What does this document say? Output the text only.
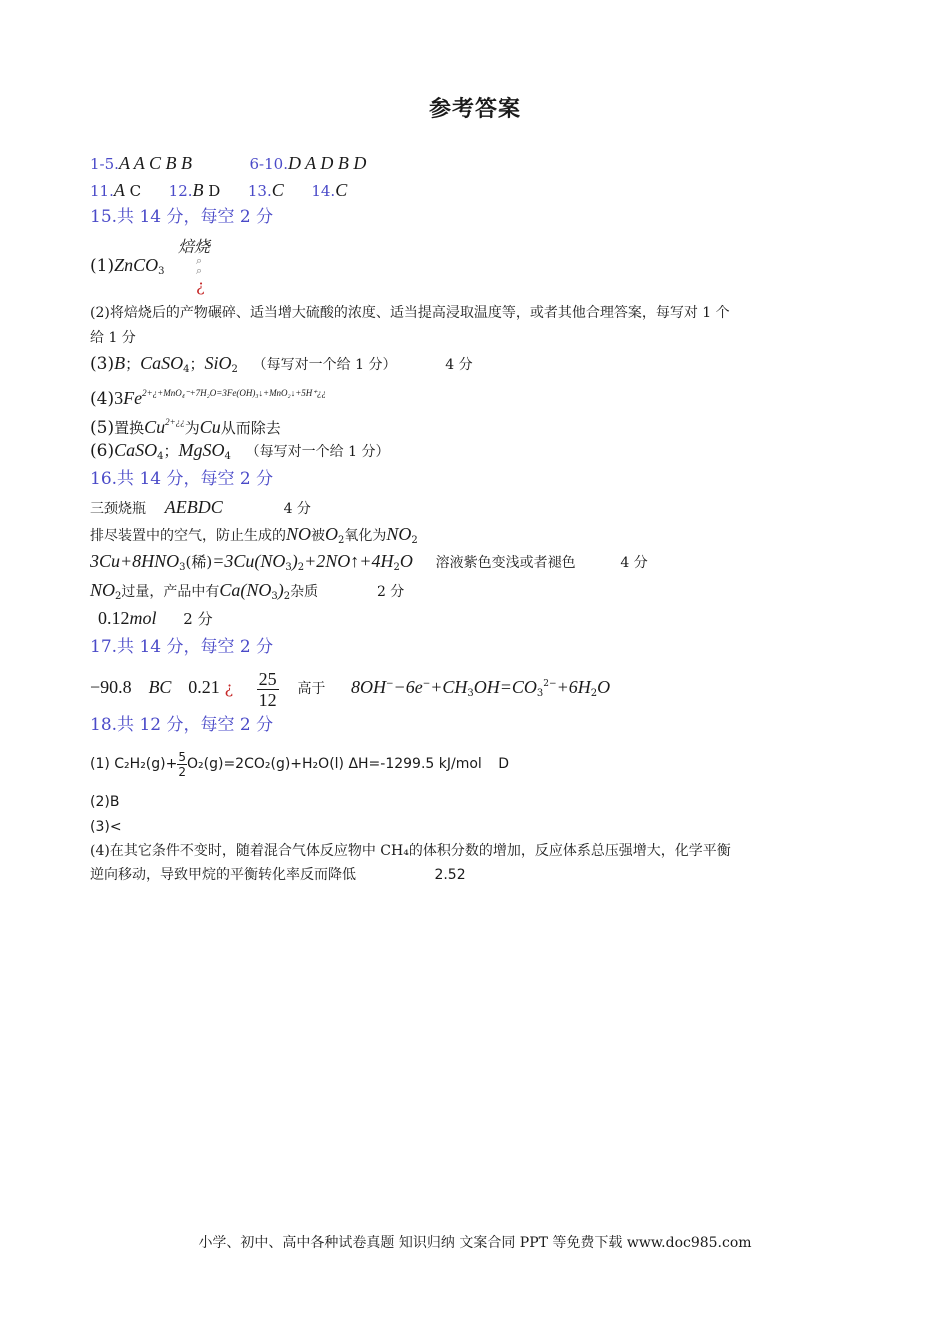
参考答案
1-5.A A C B B	6-10.D A D B D
11.A C 12.B D 13.C 14.C
15.共 14 分，每空 2 分
焙烧
⌕
⌕
¿
(1)ZnCO$_3$
(2)将焙烧后的产物碾碎、适当增大硫酸的浓度、适当提高浸取温度等，或者其他合理答案，每写对 1 个
给 1 分
(3)B；CaSO$_4$；SiO$_2$ （每写对一个给 1 分）	4 分
$(4)3Fe^{2+¿+MnO_4^-+7H_2O=3Fe(OH)_3↓+MnO_2↓+5H^+¿¿}$
(5)置换$Cu^{2+¿¿}$为Cu从而除去
(6)CaSO$_4$；MgSO$_4$ （每写对一个给 1 分）
16.共 14 分，每空 2 分
三颈烧瓶 AEBDC	4 分
排尽装置中的空气，防止生成的NO被$O_2$氧化为$NO_2$
$3Cu+8HNO_3$(稀)$=3Cu(NO_3)_2+2NO↑+4H_2O$ 溶液紫色变浅或者褪色	4 分
$NO_2$过量，产品中有$Ca(NO_3)_2$杂质	2 分
0.12mol 2 分
17.共 14 分，每空 2 分
−90.8 BC 0.21 ¿ $\frac{25}{12}$ 高于 $8OH^--6e^-+CH_3OH=CO_3^{2-}+6H_2O$
18.共 12 分，每空 2 分
(1) $C_2H_2(g)+ \frac{5}{2} O_2(g)=2CO_2(g)+H_2O(l)$ ΔH=-1299.5 kJ/mol D
(2)B
(3)<
(4)在其它条件不变时，随着混合气体反应物中 CH₄的体积分数的增加，反应体系总压强增大，化学平衡
逆向移动，导致甲烷的平衡转化率反而降低	2.52
小学、初中、高中各种试卷真题 知识归纳 文案合同 PPT 等免费下载 www.doc985.com
